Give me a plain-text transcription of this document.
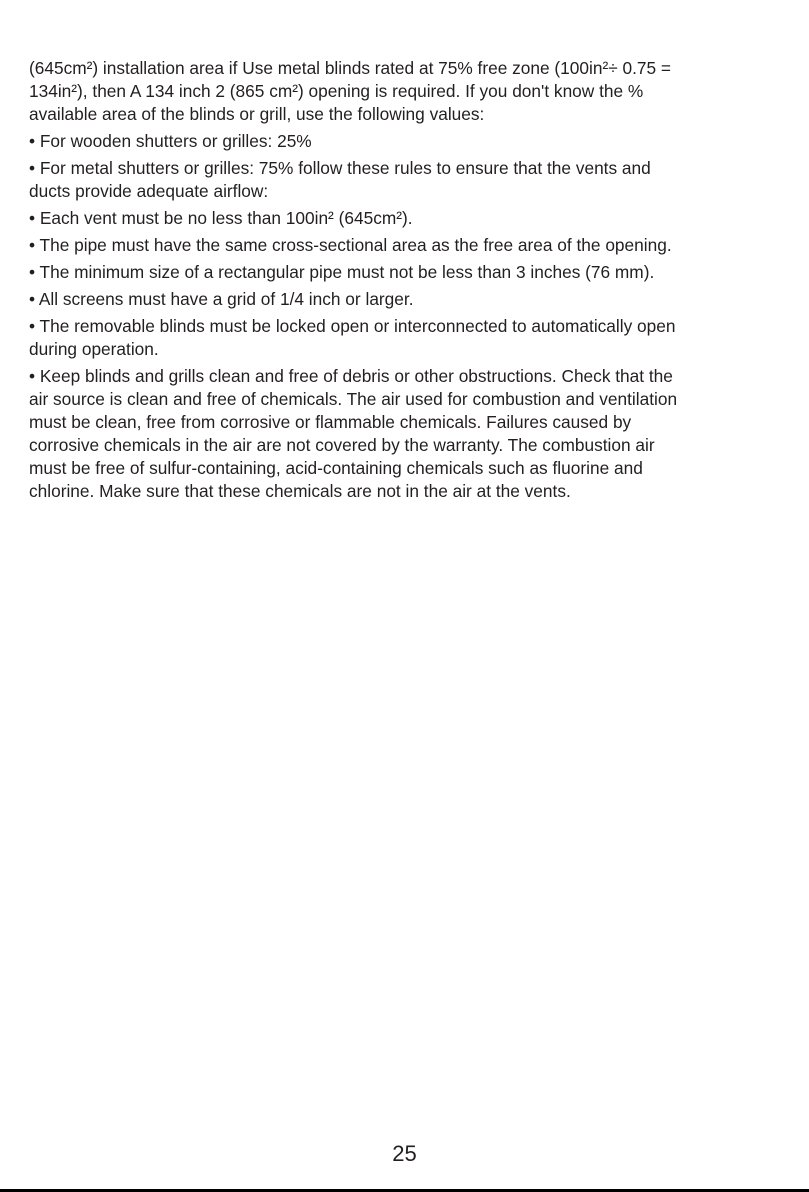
(645cm²) installation area if Use metal blinds rated at 75% free zone (100in²÷ 0.75 =
134in²), then A 134 inch 2 (865 cm²) opening is required. If you don't know the %
available area of the blinds or grill, use the following values:

• For wooden shutters or grilles: 25%

• For metal shutters or grilles: 75% follow these rules to ensure that the vents and
ducts provide adequate airflow:

• Each vent must be no less than 100in² (645cm²).

• The pipe must have the same cross-sectional area as the free area of the opening.

• The minimum size of a rectangular pipe must not be less than 3 inches (76 mm).

• All screens must have a grid of 1/4 inch or larger.

• The removable blinds must be locked open or interconnected to automatically open
during operation.

• Keep blinds and grills clean and free of debris or other obstructions. Check that the
air source is clean and free of chemicals. The air used for combustion and ventilation
must be clean, free from corrosive or flammable chemicals. Failures caused by
corrosive chemicals in the air are not covered by the warranty. The combustion air
must be free of sulfur-containing, acid-containing chemicals such as fluorine and
chlorine. Make sure that these chemicals are not in the air at the vents.

25
